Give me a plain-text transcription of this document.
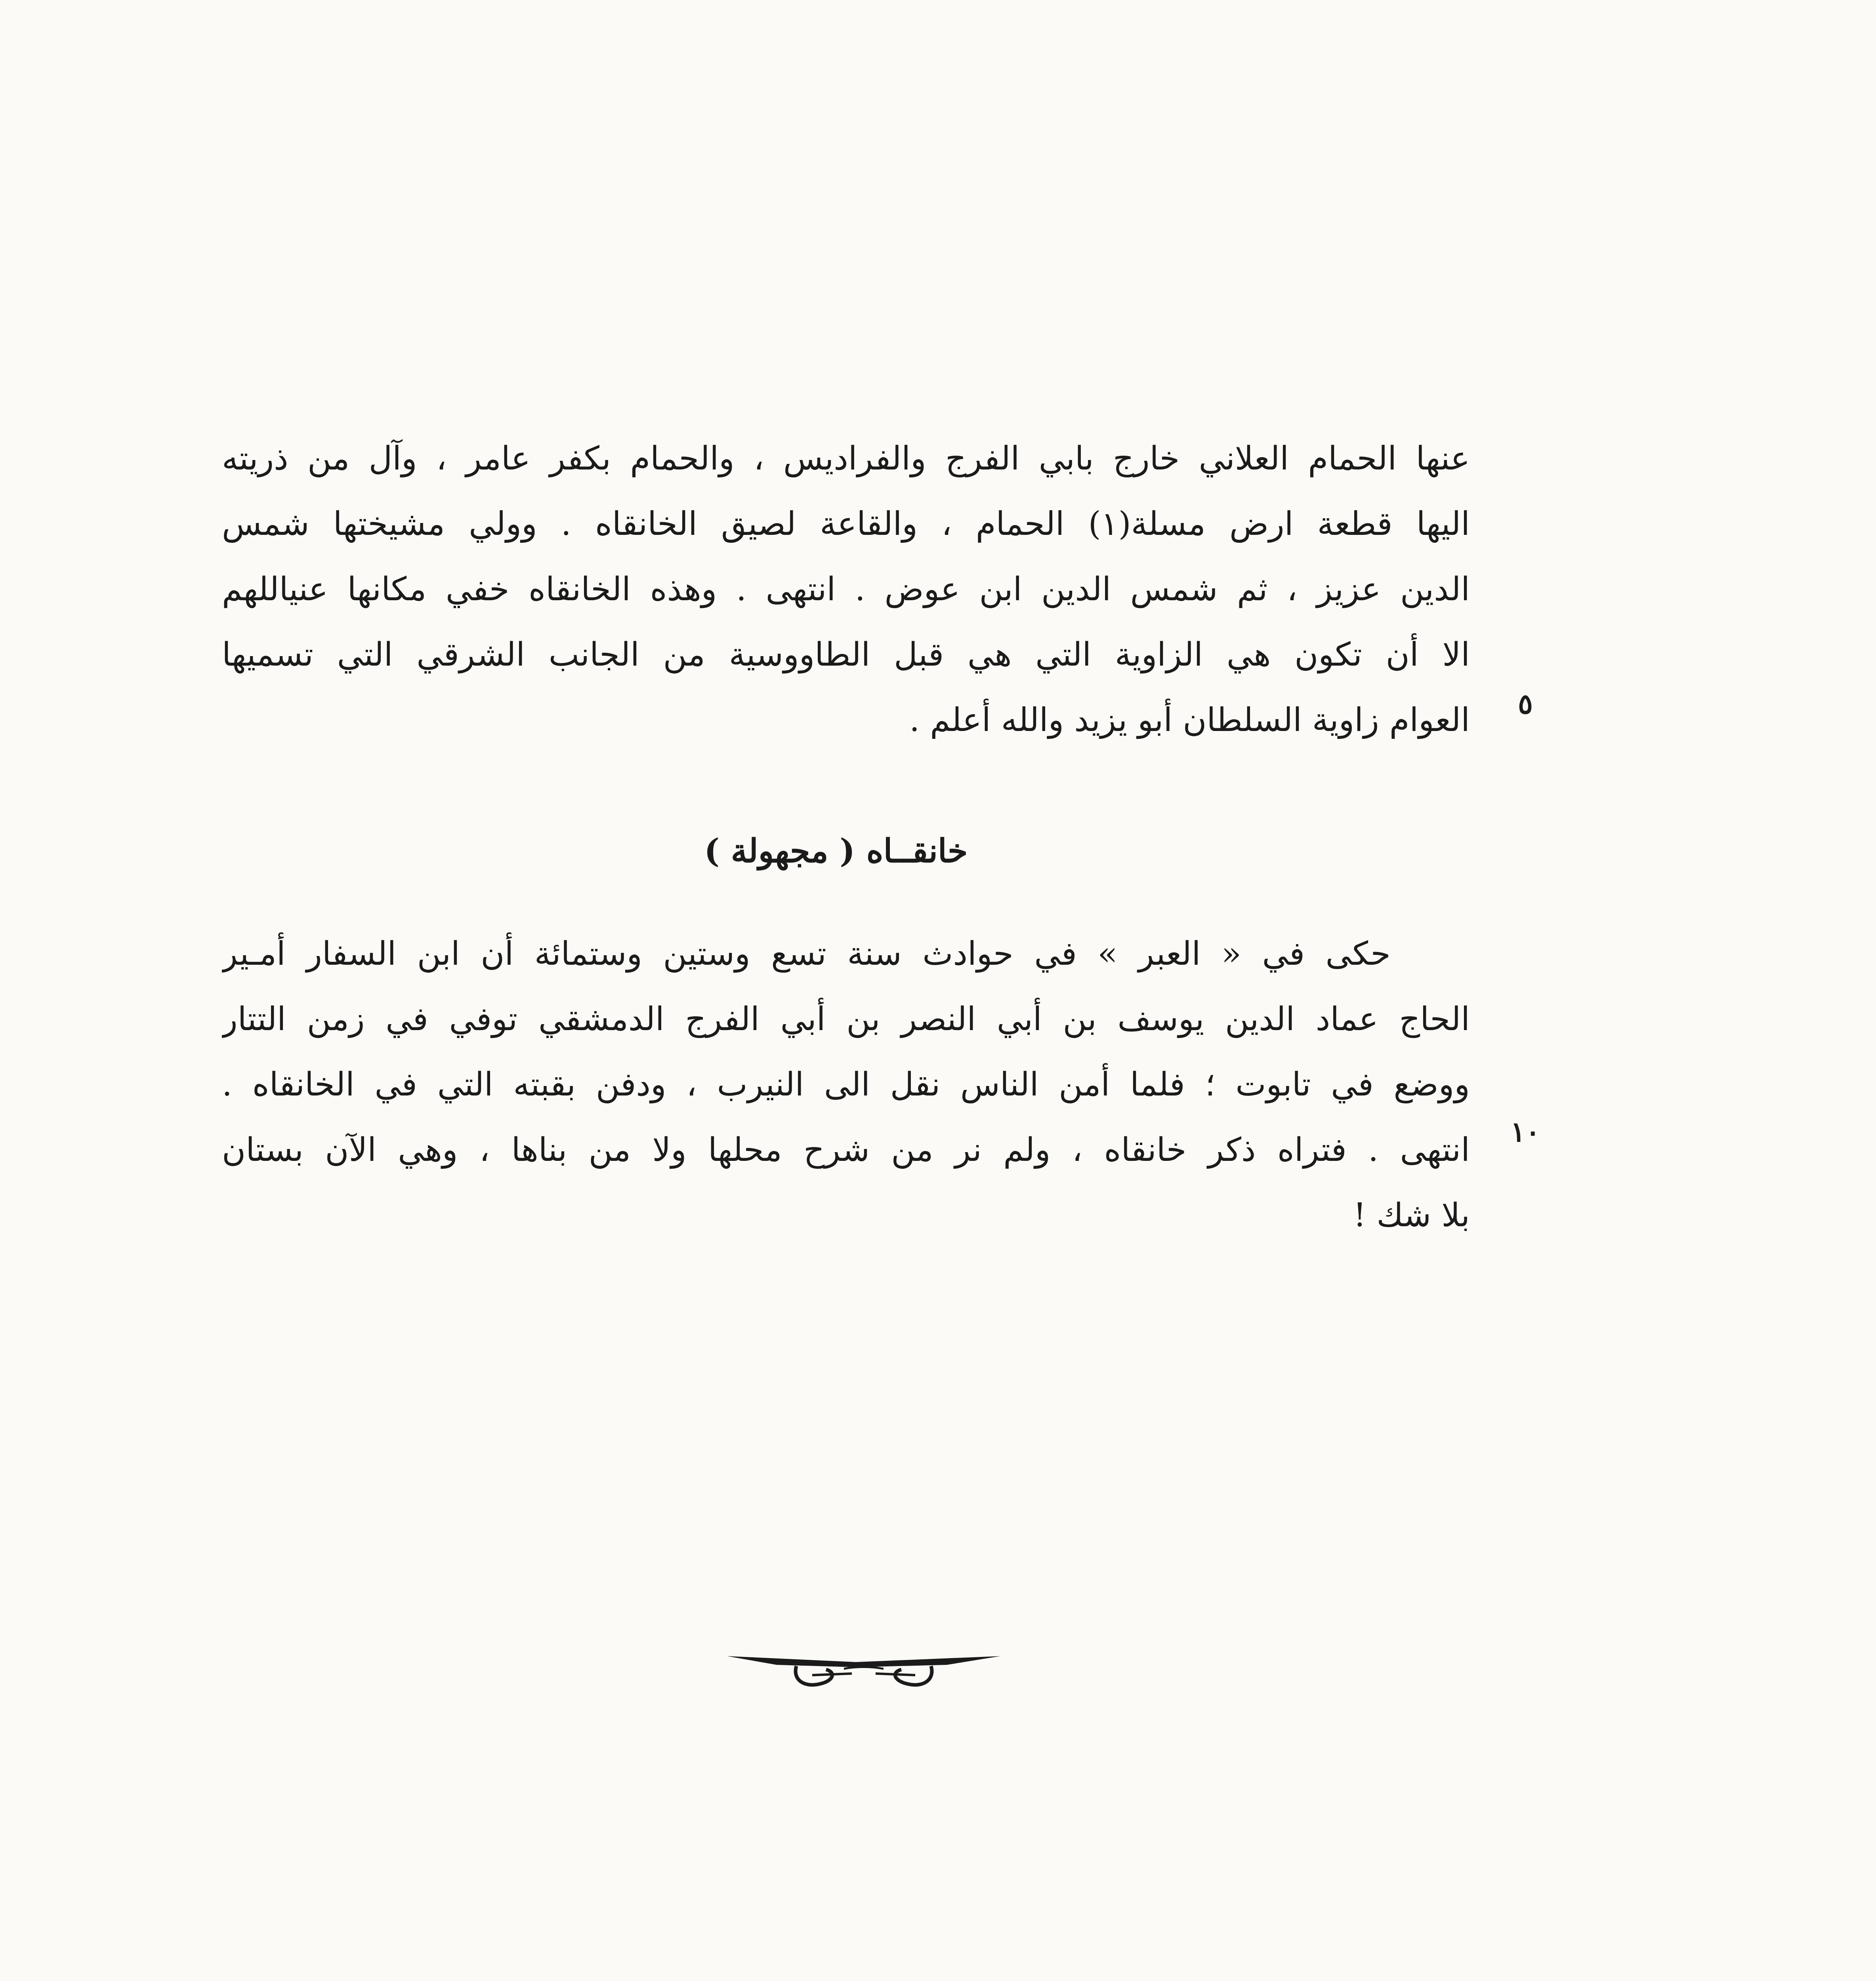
عنها الحمام العلاني خارج بابي الفرج والفراديس ، والحمام بكفر عامر ، وآل من ذريته
اليها قطعة ارض مسلة(١) الحمام ، والقاعة لصيق الخانقاه . وولي مشيختها شمس
الدين عزيز ، ثم شمس الدين ابن عوض . انتهى . وهذه الخانقاه خفي مكانها عنياللهم
الا أن تكون هي الزاوية التي هي قبل الطاووسية من الجانب الشرقي التي تسميها
العوام زاوية السلطان أبو يزيد والله أعلم .	٥
خانقــاه ( مجهولة )
حكى في « العبر » في حوادث سنة تسع وستين وستمائة أن ابن السفار أمـير
الحاج عماد الدين يوسف بن أبي النصر بن أبي الفرج الدمشقي توفي في زمن التتار
ووضع في تابوت ؛ فلما أمن الناس نقل الى النيرب ، ودفن بقبته التي في الخانقاه .
انتهى . فتراه ذكر خانقاه ، ولم نر من شرح محلها ولا من بناها ، وهي الآن بستان
بلا شك !
١٠
